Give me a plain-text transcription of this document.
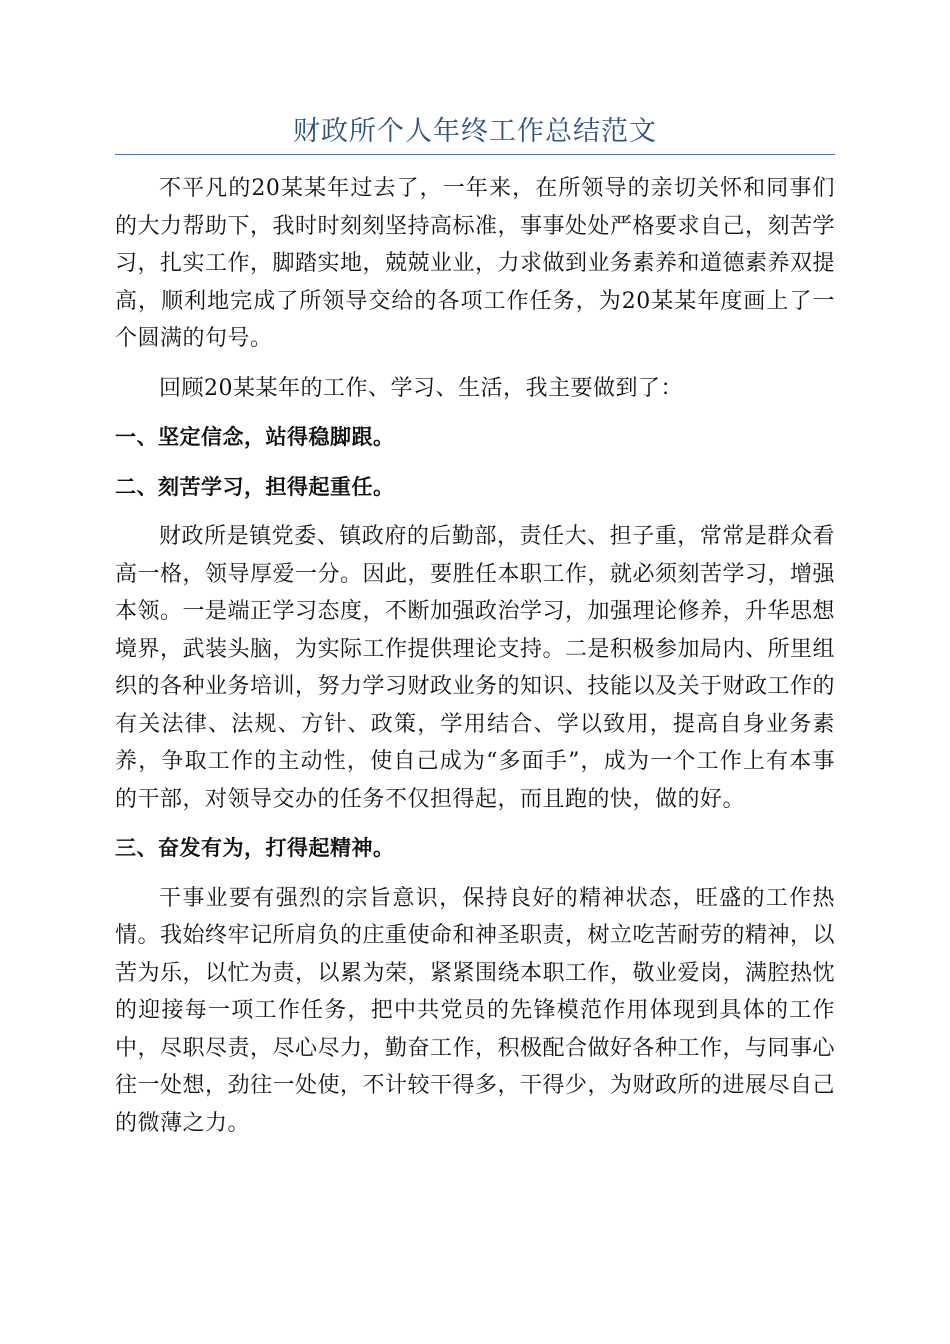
财政所个人年终工作总结范文

不平凡的20某某年过去了，一年来，在所领导的亲切关怀和同事们的大力帮助下，我时时刻刻坚持高标准，事事处处严格要求自己，刻苦学习，扎实工作，脚踏实地，兢兢业业，力求做到业务素养和道德素养双提高，顺利地完成了所领导交给的各项工作任务，为20某某年度画上了一个圆满的句号。

回顾20某某年的工作、学习、生活，我主要做到了：

一、坚定信念，站得稳脚跟。

二、刻苦学习，担得起重任。

财政所是镇党委、镇政府的后勤部，责任大、担子重，常常是群众看高一格，领导厚爱一分。因此，要胜任本职工作，就必须刻苦学习，增强本领。一是端正学习态度，不断加强政治学习，加强理论修养，升华思想境界，武装头脑，为实际工作提供理论支持。二是积极参加局内、所里组织的各种业务培训，努力学习财政业务的知识、技能以及关于财政工作的有关法律、法规、方针、政策，学用结合、学以致用，提高自身业务素养，争取工作的主动性，使自己成为“多面手”，成为一个工作上有本事的干部，对领导交办的任务不仅担得起，而且跑的快，做的好。

三、奋发有为，打得起精神。

干事业要有强烈的宗旨意识，保持良好的精神状态，旺盛的工作热情。我始终牢记所肩负的庄重使命和神圣职责，树立吃苦耐劳的精神，以苦为乐，以忙为责，以累为荣，紧紧围绕本职工作，敬业爱岗，满腔热忱的迎接每一项工作任务，把中共党员的先锋模范作用体现到具体的工作中，尽职尽责，尽心尽力，勤奋工作，积极配合做好各种工作，与同事心往一处想，劲往一处使，不计较干得多，干得少，为财政所的进展尽自己的微薄之力。
